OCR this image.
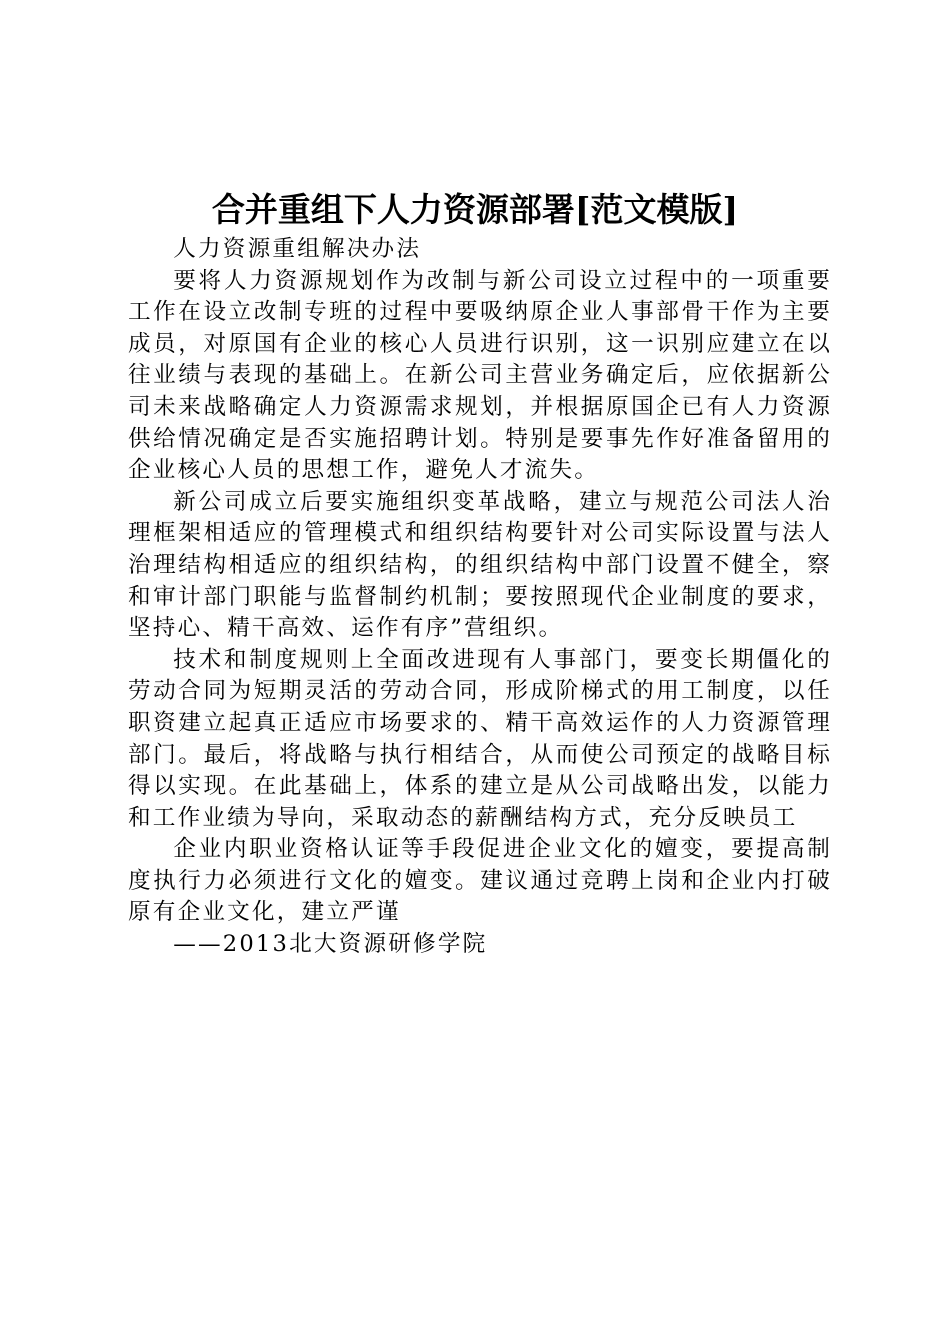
合并重组下人力资源部署[范文模版]

人力资源重组解决办法

要将人力资源规划作为改制与新公司设立过程中的一项重要工作在设立改制专班的过程中要吸纳原企业人事部骨干作为主要成员，对原国有企业的核心人员进行识别，这一识别应建立在以往业绩与表现的基础上。在新公司主营业务确定后，应依据新公司未来战略确定人力资源需求规划，并根据原国企已有人力资源供给情况确定是否实施招聘计划。特别是要事先作好准备留用的企业核心人员的思想工作，避免人才流失。

新公司成立后要实施组织变革战略，建立与规范公司法人治理框架相适应的管理模式和组织结构要针对公司实际设置与法人治理结构相适应的组织结构，的组织结构中部门设置不健全，察和审计部门职能与监督制约机制；要按照现代企业制度的要求，坚持心、精干高效、运作有序”营组织。

技术和制度规则上全面改进现有人事部门，要变长期僵化的劳动合同为短期灵活的劳动合同，形成阶梯式的用工制度，以任职资建立起真正适应市场要求的、精干高效运作的人力资源管理部门。最后，将战略与执行相结合，从而使公司预定的战略目标得以实现。在此基础上，体系的建立是从公司战略出发，以能力和工作业绩为导向，采取动态的薪酬结构方式，充分反映员工

企业内职业资格认证等手段促进企业文化的嬗变，要提高制度执行力必须进行文化的嬗变。建议通过竞聘上岗和企业内打破原有企业文化，建立严谨

——2013北大资源研修学院
